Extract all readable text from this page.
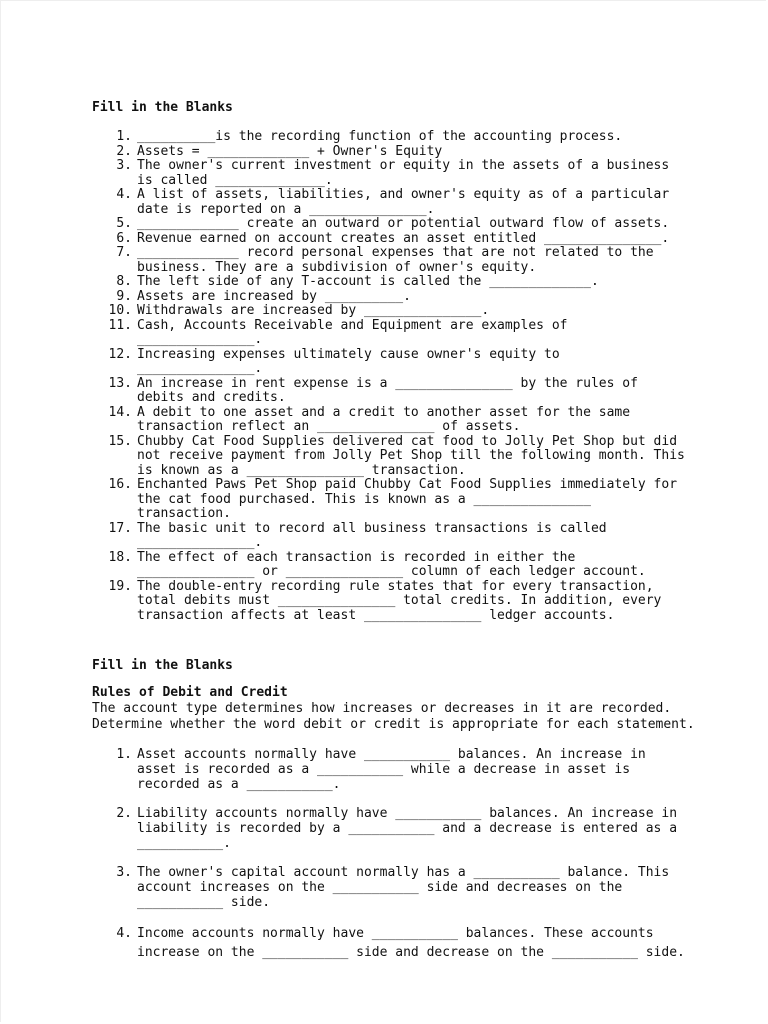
Fill in the Blanks
1. __________is the recording function of the accounting process.
2. Assets = _____________ + Owner's Equity
3. The owner's current investment or equity in the assets of a business is called ______________.
4. A list of assets, liabilities, and owner's equity as of a particular date is reported on a _______________.
5. _____________ create an outward or potential outward flow of assets.
6. Revenue earned on account creates an asset entitled _______________.
7. _____________ record personal expenses that are not related to the business. They are a subdivision of owner's equity.
8. The left side of any T-account is called the _____________.
9. Assets are increased by __________.
10. Withdrawals are increased by _______________.
11. Cash, Accounts Receivable and Equipment are examples of _______________.
12. Increasing expenses ultimately cause owner's equity to _______________.
13. An increase in rent expense is a _______________ by the rules of debits and credits.
14. A debit to one asset and a credit to another asset for the same transaction reflect an _______________ of assets.
15. Chubby Cat Food Supplies delivered cat food to Jolly Pet Shop but did not receive payment from Jolly Pet Shop till the following month. This is known as a _______________ transaction.
16. Enchanted Paws Pet Shop paid Chubby Cat Food Supplies immediately for the cat food purchased. This is known as a _______________ transaction.
17. The basic unit to record all business transactions is called _______________.
18. The effect of each transaction is recorded in either the _______________ or _______________ column of each ledger account.
19. The double-entry recording rule states that for every transaction, total debits must _______________ total credits. In addition, every transaction affects at least _______________ ledger accounts.
Fill in the Blanks
Rules of Debit and Credit
The account type determines how increases or decreases in it are recorded. Determine whether the word debit or credit is appropriate for each statement.
1. Asset accounts normally have ___________ balances. An increase in asset is recorded as a ___________ while a decrease in asset is recorded as a ___________.
2. Liability accounts normally have ___________ balances. An increase in liability is recorded by a ___________ and a decrease is entered as a ___________.
3. The owner's capital account normally has a ___________ balance. This account increases on the ___________ side and decreases on the ___________ side.
4. Income accounts normally have ___________ balances. These accounts increase on the ___________ side and decrease on the ___________ side.
